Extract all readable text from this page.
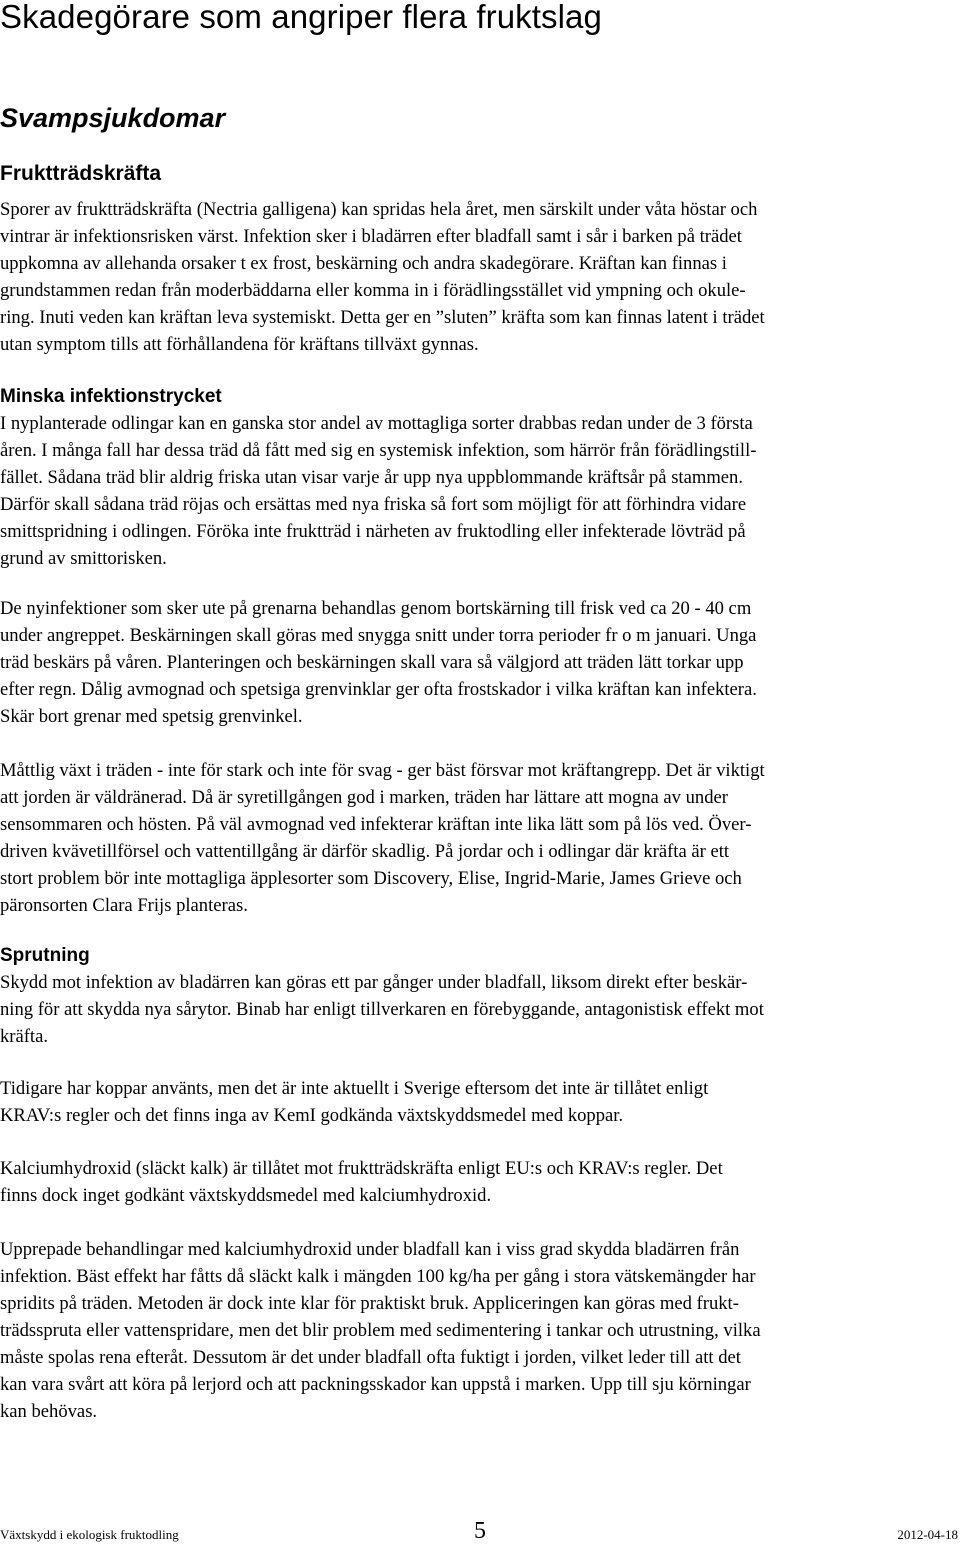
Skadegörare som angriper flera fruktslag
Svampsjukdomar
Fruktträdskräfta
Sporer av fruktträdskräfta (Nectria galligena) kan spridas hela året, men särskilt under våta höstar och
vintrar är infektionsrisken värst. Infektion sker i bladärren efter bladfall samt i sår i barken på trädet
uppkomna av allehanda orsaker t ex frost, beskärning och andra skadegörare. Kräftan kan finnas i
grundstammen redan från moderbäddarna eller komma in i förädlingsstället vid ympning och okule-
ring. Inuti veden kan kräftan leva systemiskt. Detta ger en ”sluten” kräfta som kan finnas latent i trädet
utan symptom tills att förhållandena för kräftans tillväxt gynnas.
Minska infektionstrycket
I nyplanterade odlingar kan en ganska stor andel av mottagliga sorter drabbas redan under de 3 första
åren. I många fall har dessa träd då fått med sig en systemisk infektion, som härrör från förädlingstill-
fället. Sådana träd blir aldrig friska utan visar varje år upp nya uppblommande kräftsår på stammen.
Därför skall sådana träd röjas och ersättas med nya friska så fort som möjligt för att förhindra vidare
smittspridning i odlingen. Föröka inte fruktträd i närheten av fruktodling eller infekterade lövträd på
grund av smittorisken.
De nyinfektioner som sker ute på grenarna behandlas genom bortskärning till frisk ved ca 20 - 40 cm
under angreppet. Beskärningen skall göras med snygga snitt under torra perioder fr o m januari. Unga
träd beskärs på våren. Planteringen och beskärningen skall vara så välgjord att träden lätt torkar upp
efter regn. Dålig avmognad och spetsiga grenvinklar ger ofta frostskador i vilka kräftan kan infektera.
Skär bort grenar med spetsig grenvinkel.
Måttlig växt i träden - inte för stark och inte för svag - ger bäst försvar mot kräftangrepp. Det är viktigt
att jorden är väldränerad. Då är syretillgången god i marken, träden har lättare att mogna av under
sensommaren och hösten. På väl avmognad ved infekterar kräftan inte lika lätt som på lös ved. Över-
driven kvävetillförsel och vattentillgång är därför skadlig. På jordar och i odlingar där kräfta är ett
stort problem bör inte mottagliga äpplesorter som Discovery, Elise, Ingrid-Marie, James Grieve och
päronsorten Clara Frijs planteras.
Sprutning
Skydd mot infektion av bladärren kan göras ett par gånger under bladfall, liksom direkt efter beskär-
ning för att skydda nya sårytor. Binab har enligt tillverkaren en förebyggande, antagonistisk effekt mot
kräfta.
Tidigare har koppar använts, men det är inte aktuellt i Sverige eftersom det inte är tillåtet enligt
KRAV:s regler och det finns inga av KemI godkända växtskyddsmedel med koppar.
Kalciumhydroxid (släckt kalk) är tillåtet mot fruktträdskräfta enligt EU:s och KRAV:s regler. Det
finns dock inget godkänt växtskyddsmedel med kalciumhydroxid.
Upprepade behandlingar med kalciumhydroxid under bladfall kan i viss grad skydda bladärren från
infektion. Bäst effekt har fåtts då släckt kalk i mängden 100 kg/ha per gång i stora vätskemängder har
spridits på träden. Metoden är dock inte klar för praktiskt bruk. Appliceringen kan göras med frukt-
trädsspruta eller vattenspridare, men det blir problem med sedimentering i tankar och utrustning, vilka
måste spolas rena efteråt. Dessutom är det under bladfall ofta fuktigt i jorden, vilket leder till att det
kan vara svårt att köra på lerjord och att packningsskador kan uppstå i marken. Upp till sju körningar
kan behövas.
Växtskydd i ekologisk fruktodling	5	2012-04-18
